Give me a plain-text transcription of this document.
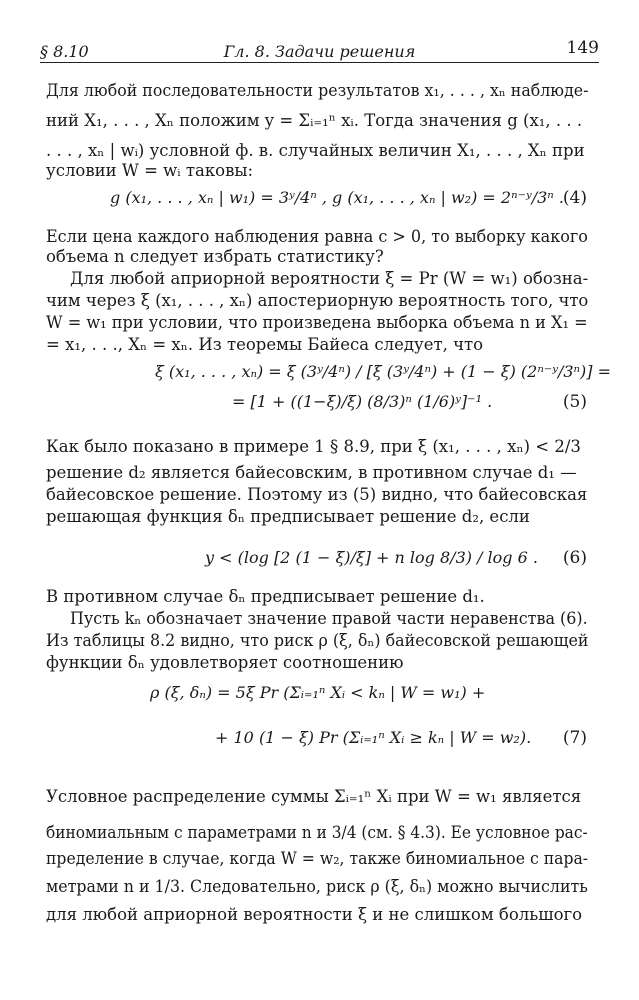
§ 8.10	Гл. 8. Задачи решения	149
Для любой последовательности результатов x₁, . . . , xₙ наблюде-
ний X₁, . . . , Xₙ положим y = Σᵢ₌₁ⁿ xᵢ. Тогда значения g (x₁, . . .
. . . , xₙ | wᵢ) условной ф. в. случайных величин X₁, . . . , Xₙ при
условии W = wᵢ таковы:
g (x₁, . . . , xₙ | w₁) = 3ʸ/4ⁿ , g (x₁, . . . , xₙ | w₂) = 2ⁿ⁻ʸ/3ⁿ .
(4)
Если цена каждого наблюдения равна c > 0, то выборку какого
объема n следует избрать статистику?
Для любой априорной вероятности ξ = Pr (W = w₁) обозна-
чим через ξ (x₁, . . . , xₙ) апостериорную вероятность того, что
W = w₁ при условии, что произведена выборка объема n и X₁ =
= x₁, . . ., Xₙ = xₙ. Из теоремы Байеса следует, что
ξ (x₁, . . . , xₙ) = ξ (3ʸ/4ⁿ) / [ξ (3ʸ/4ⁿ) + (1 − ξ) (2ⁿ⁻ʸ/3ⁿ)] =
= [1 + ((1−ξ)/ξ) (8/3)ⁿ (1/6)ʸ]⁻¹ .	(5)
Как было показано в примере 1 § 8.9, при ξ (x₁, . . . , xₙ) < 2/3
решение d₂ является байесовским, в противном случае d₁ —
байесовское решение. Поэтому из (5) видно, что байесовская
решающая функция δₙ предписывает решение d₂, если
y < (log [2 (1 − ξ)/ξ] + n log 8/3) / log 6 . (6)
В противном случае δₙ предписывает решение d₁.
Пусть kₙ обозначает значение правой части неравенства (6).
Из таблицы 8.2 видно, что риск ρ (ξ, δₙ) байесовской решающей
функции δₙ удовлетворяет соотношению
ρ (ξ, δₙ) = 5ξ Pr (Σᵢ₌₁ⁿ Xᵢ < kₙ | W = w₁) +
+ 10 (1 − ξ) Pr (Σᵢ₌₁ⁿ Xᵢ ≥ kₙ | W = w₂). (7)
Условное распределение суммы Σᵢ₌₁ⁿ Xᵢ при W = w₁ является
биномиальным с параметрами n и 3/4 (см. § 4.3). Ее условное рас-
пределение в случае, когда W = w₂, также биномиальное с пара-
метрами n и 1/3. Следовательно, риск ρ (ξ, δₙ) можно вычислить
для любой априорной вероятности ξ и не слишком большого
